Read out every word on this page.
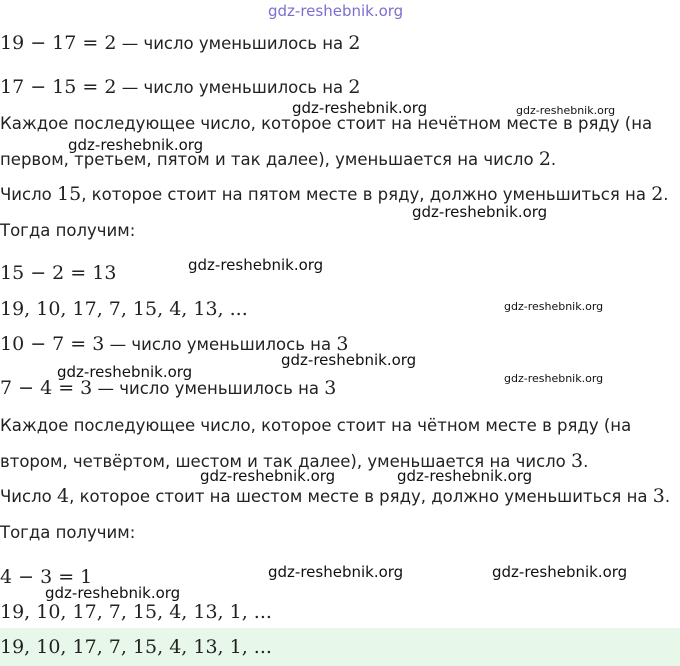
gdz-reshebnik.org
gdz-reshebnik.org	gdz-reshebnik.org
gdz-reshebnik.org
gdz-reshebnik.org
gdz-reshebnik.org
gdz-reshebnik.org
gdz-reshebnik.org
gdz-reshebnik.org	gdz-reshebnik.org
gdz-reshebnik.org	gdz-reshebnik.org
gdz-reshebnik.org	gdz-reshebnik.org
gdz-reshebnik.org
19 − 17 = 2 — число уменьшилось на 2
17 − 15 = 2 — число уменьшилось на 2
Каждое последующее число, которое стоит на нечётном месте в ряду (на
первом, третьем, пятом и так далее), уменьшается на число 2.
Число 15, которое стоит на пятом месте в ряду, должно уменьшиться на 2.
Тогда получим:
15 − 2 = 13
19, 10, 17, 7, 15, 4, 13, ...
10 − 7 = 3 — число уменьшилось на 3
7 − 4 = 3 — число уменьшилось на 3
Каждое последующее число, которое стоит на чётном месте в ряду (на
втором, четвёртом, шестом и так далее), уменьшается на число 3.
Число 4, которое стоит на шестом месте в ряду, должно уменьшиться на 3.
Тогда получим:
4 − 3 = 1
19, 10, 17, 7, 15, 4, 13, 1, ...
19, 10, 17, 7, 15, 4, 13, 1, ...
